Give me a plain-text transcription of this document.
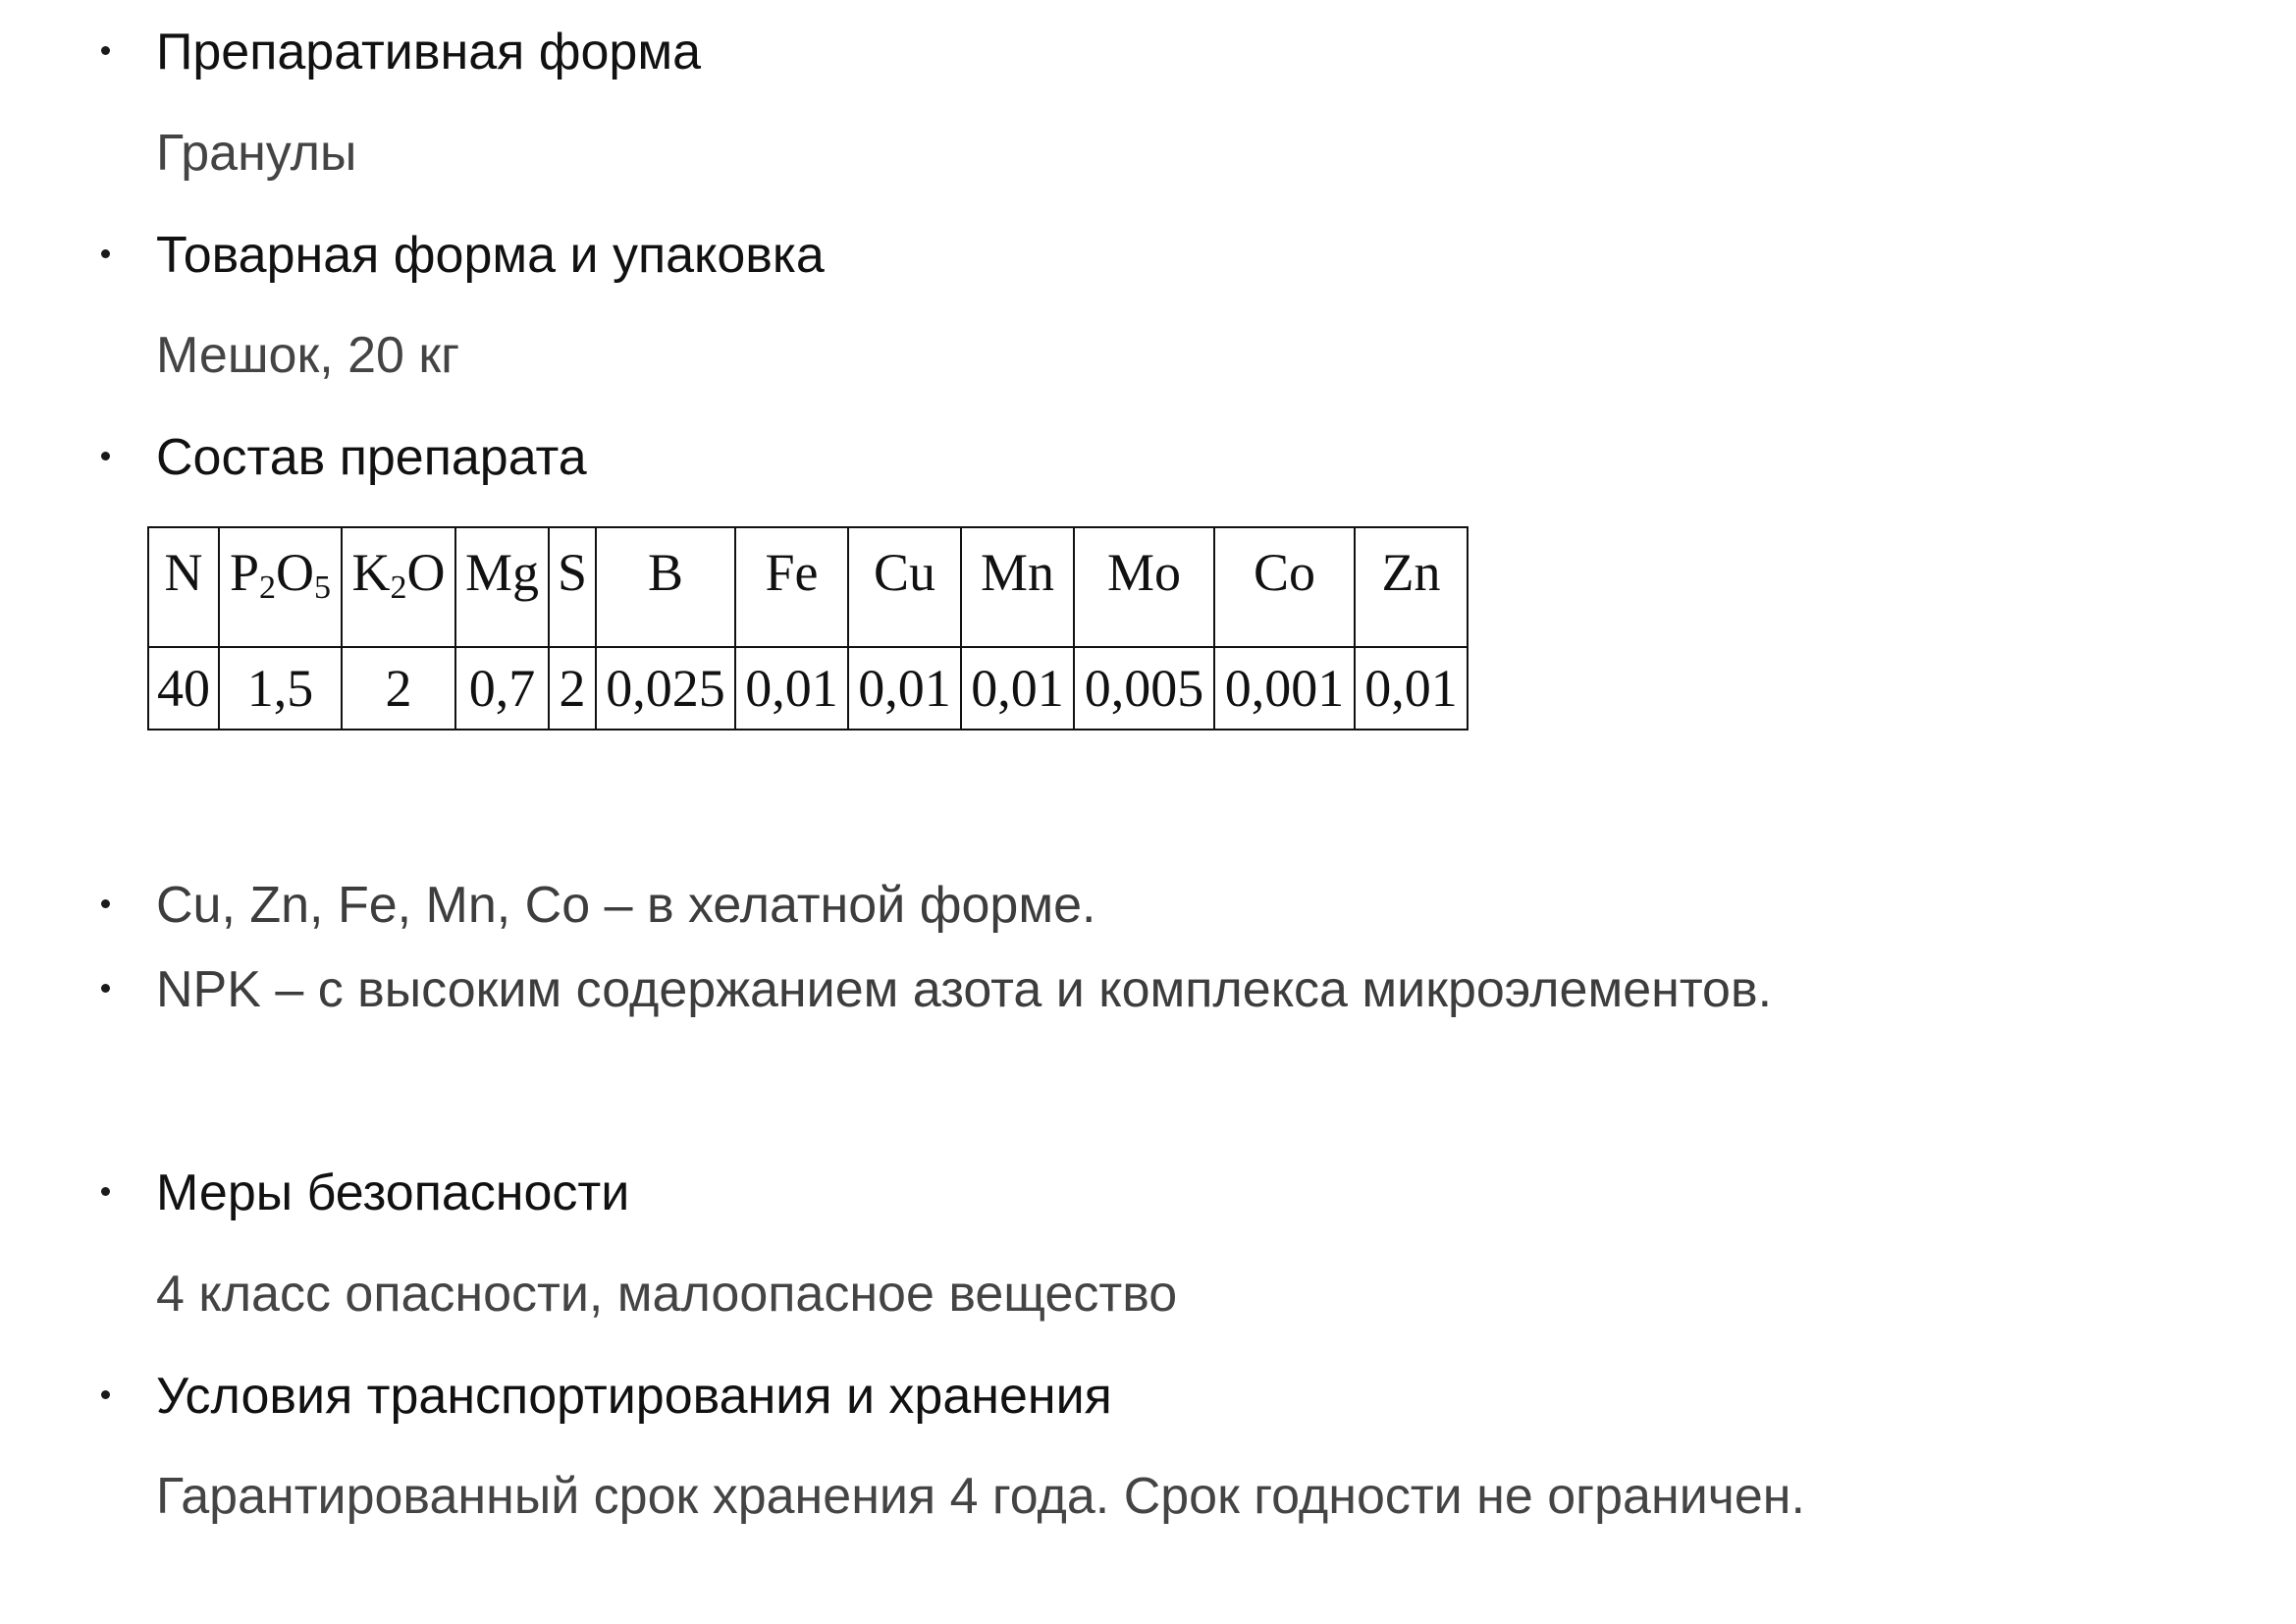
Препаративная форма
Гранулы
Товарная форма и упаковка
Мешок, 20 кг
Состав препарата
N	$P_2O_5$	$K_2O$	Mg	S	B	Fe	Cu	Mn	Mo	Co	Zn
40	1,5	2	0,7	2	0,025	0,01	0,01	0,01	0,005	0,001	0,01
Cu, Zn, Fe, Mn, Co – в хелатной форме.
NPK – с высоким содержанием азота и комплекса микроэлементов.
Меры безопасности
4 класс опасности, малоопасное вещество
Условия транспортирования и хранения
Гарантированный срок хранения 4 года. Срок годности не ограничен.
